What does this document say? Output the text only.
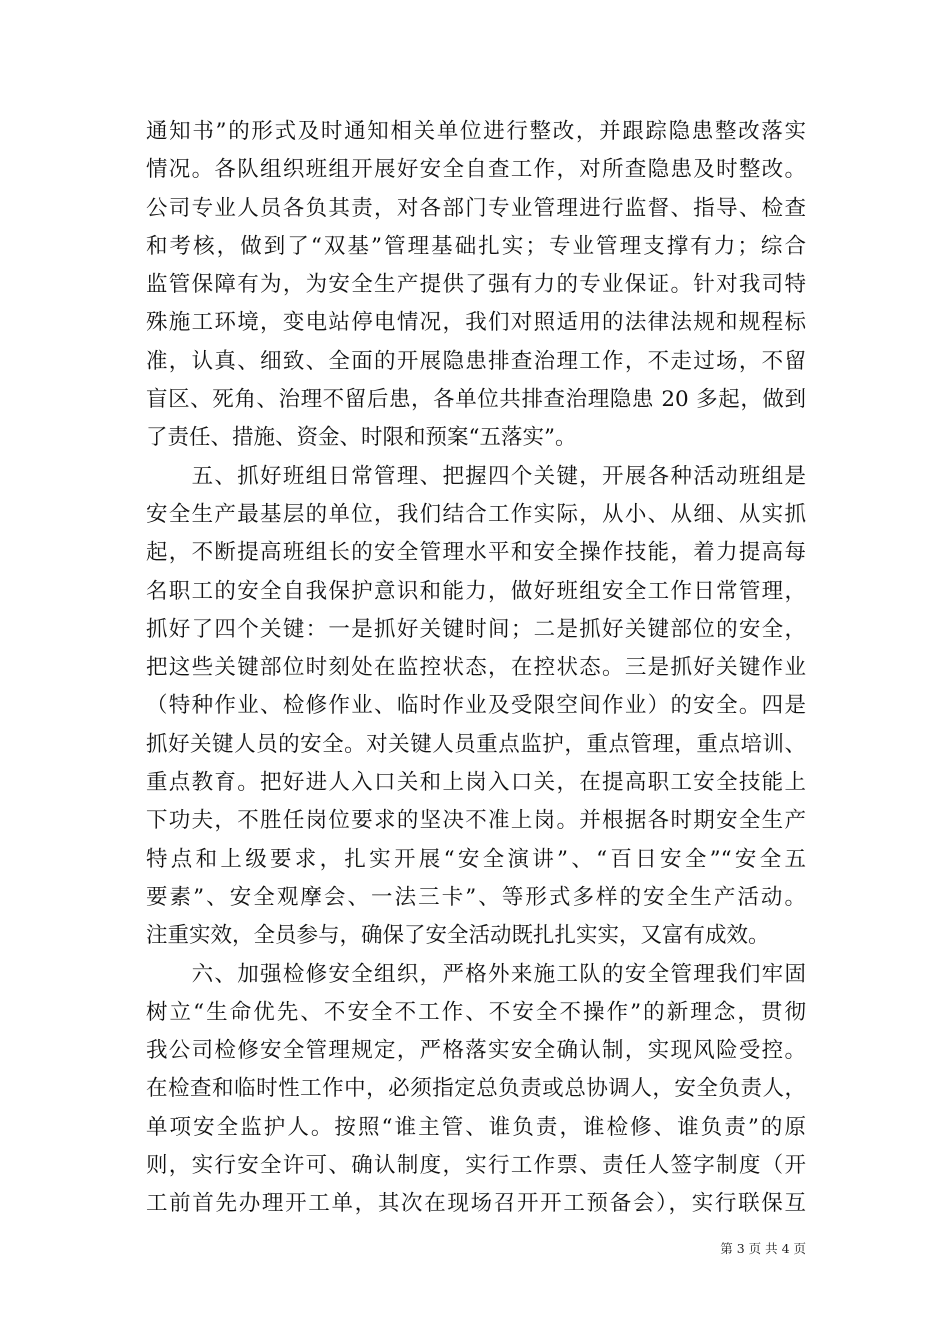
通知书”的形式及时通知相关单位进行整改，并跟踪隐患整改落实
情况。各队组织班组开展好安全自查工作，对所查隐患及时整改。
公司专业人员各负其责，对各部门专业管理进行监督、指导、检查
和考核，做到了“双基”管理基础扎实；专业管理支撑有力；综合
监管保障有为，为安全生产提供了强有力的专业保证。针对我司特
殊施工环境，变电站停电情况，我们对照适用的法律法规和规程标
准，认真、细致、全面的开展隐患排查治理工作，不走过场，不留
盲区、死角、治理不留后患，各单位共排查治理隐患 20 多起，做到
了责任、措施、资金、时限和预案“五落实”。
　　五、抓好班组日常管理、把握四个关键，开展各种活动班组是
安全生产最基层的单位，我们结合工作实际，从小、从细、从实抓
起，不断提高班组长的安全管理水平和安全操作技能，着力提高每
名职工的安全自我保护意识和能力，做好班组安全工作日常管理，
抓好了四个关键：一是抓好关键时间；二是抓好关键部位的安全，
把这些关键部位时刻处在监控状态，在控状态。三是抓好关键作业
（特种作业、检修作业、临时作业及受限空间作业）的安全。四是
抓好关键人员的安全。对关键人员重点监护，重点管理，重点培训、
重点教育。把好进人入口关和上岗入口关，在提高职工安全技能上
下功夫，不胜任岗位要求的坚决不准上岗。并根据各时期安全生产
特点和上级要求，扎实开展“安全演讲”、“百日安全”“安全五
要素”、安全观摩会、一法三卡”、等形式多样的安全生产活动。
注重实效，全员参与，确保了安全活动既扎扎实实，又富有成效。
　　六、加强检修安全组织，严格外来施工队的安全管理我们牢固
树立“生命优先、不安全不工作、不安全不操作”的新理念，贯彻
我公司检修安全管理规定，严格落实安全确认制，实现风险受控。
在检查和临时性工作中，必须指定总负责或总协调人，安全负责人，
单项安全监护人。按照“谁主管、谁负责，谁检修、谁负责”的原
则，实行安全许可、确认制度，实行工作票、责任人签字制度（开
工前首先办理开工单，其次在现场召开开工预备会），实行联保互
第 3 页 共 4 页
